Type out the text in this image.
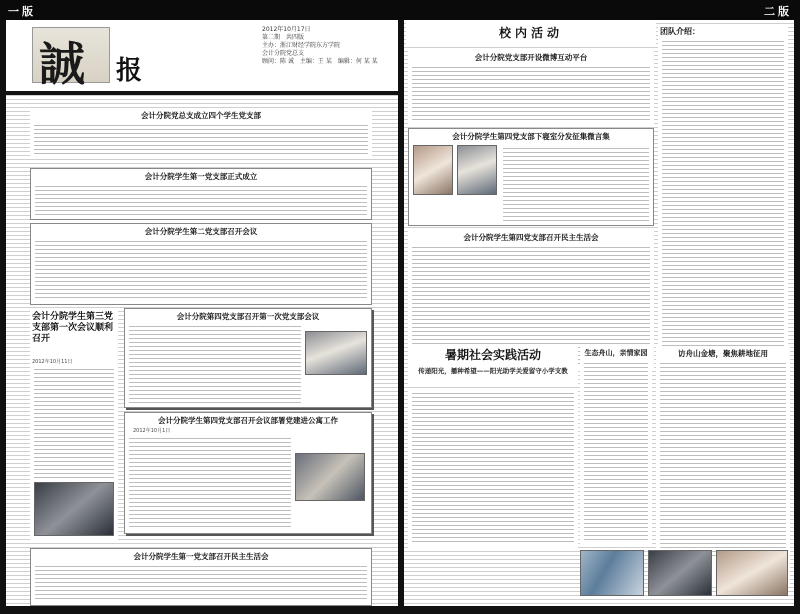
一版	二版
誠 报
2012年10月17日
第二期　共四版
主办：浙江财经学院东方学院
会计分院党总支
顾问：陈 诚　主编：王 某　编辑：何 某 某
会计分院党总支成立四个学生党支部
会计分院学生第一党支部正式成立
会计分院学生第二党支部召开会议
会计分院学生第三党支部第一次会议顺利召开
2012年10月11日
会计分院第四党支部召开第一次党支部会议
会计分院学生第四党支部召开会议部署党建进公寓工作
2012年10月1日
会计分院学生第一党支部召开民主生活会
校内活动
会计分院党支部开设微博互动平台
会计分院学生第四党支部下寝室分发征集微言集
会计分院学生第四党支部召开民主生活会
团队介绍：
暑期社会实践活动
传递阳光，播种希望——阳光助学关爱留守小学支教
生态舟山，亲情家园	访舟山金塘，聚焦耕地征用
